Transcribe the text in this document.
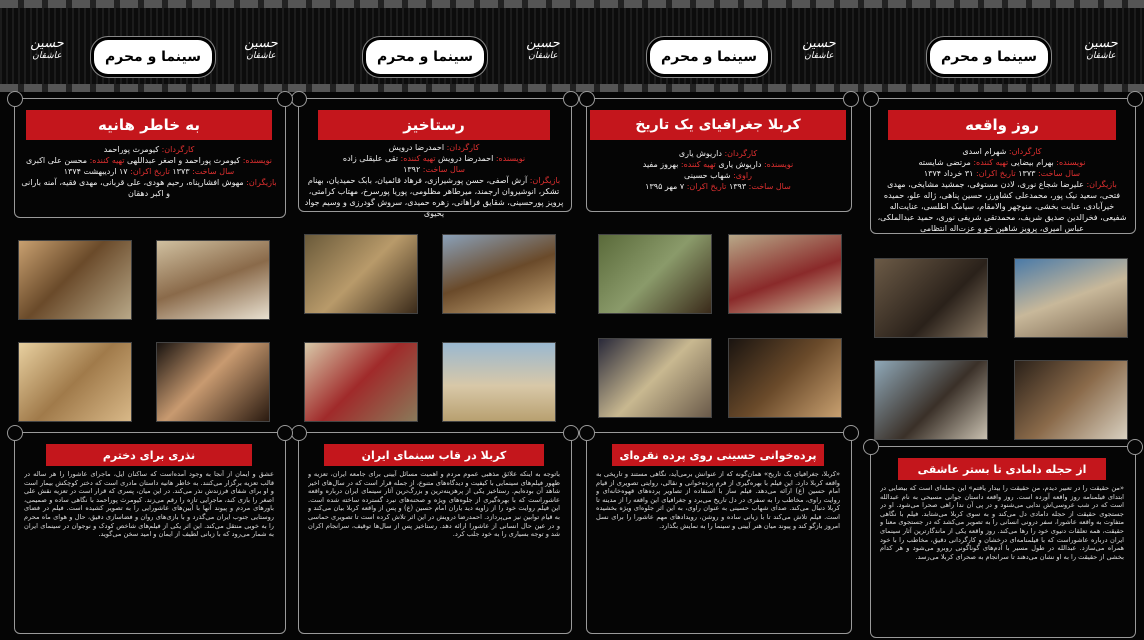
حسین
عاشقان	سینما و محرم
حسین
عاشقان	سینما و محرم
حسین
عاشقان	سینما و محرم
حسین
عاشقان	سینما و محرم
حسین
عاشقان
روز واقعه
کارگردان: شهرام اسدی
نویسنده: بهرام بیضایی تهیه کننده: مرتضی شایسته
سال ساخت: ۱۳۷۳ تاریخ اکران: ۳۱ خرداد ۱۳۷۴
بازیگران: علیرضا شجاع نوری، لادن مستوفی، جمشید مشایخی، مهدی فتحی، سعید نیک پور، محمدعلی کشاورز، حسین پناهی، ژاله علو، حمیده خیرآبادی، عنایت بخشی، منوچهر والامقام، سیامک اطلسی، عنایت‌اله شفیعی، فخرالدین صدیق شریف، محمدتقی شریفی نوری، حمید عبدالملکی، عباس امیری، پرویز شاهین خو و عزت‌اله انتظامی
از حجله دامادی تا بستر عاشقی
«من حقیقت را در تعبیر دیدم، من حقیقت را بیدار یافتم» این جمله‌ای است که بیضایی در ابتدای فیلمنامه روز واقعه آورده است. روز واقعه داستان جوانی مسیحی به نام عبدالله است که در شب عروسی‌اش ندایی می‌شنود و در پی آن ندا راهی صحرا می‌شود. او در جستجوی حقیقت از حجله دامادی دل می‌کند و به سوی کربلا می‌شتابد. فیلم با نگاهی متفاوت به واقعه عاشورا، سفر درونی انسانی را به تصویر می‌کشد که در جستجوی معنا و حقیقت، همه تعلقات دنیوی خود را رها می‌کند. روز واقعه یکی از ماندگارترین آثار سینمای ایران درباره عاشوراست که با فیلمنامه‌ای درخشان و کارگردانی دقیق، مخاطب را با خود همراه می‌سازد. عبدالله در طول مسیر با آدم‌های گوناگونی روبرو می‌شود و هر کدام بخشی از حقیقت را به او نشان می‌دهند تا سرانجام به صحرای کربلا می‌رسد.
کربلا جغرافیای یک تاریخ
کارگردان: داریوش یاری
نویسنده: داریوش یاری تهیه کننده: بهروز مفید
راوی: شهاب حسینی
سال ساخت: ۱۳۹۳ تاریخ اکران: ۷ مهر ۱۳۹۵
پرده‌خوانی حسینی روی پرده نقره‌ای
«کربلا، جغرافیای یک تاریخ» همان‌گونه که از عنوانش برمی‌آید، نگاهی مستند و تاریخی به واقعه کربلا دارد. این فیلم با بهره‌گیری از فرم پرده‌خوانی و نقالی، روایتی تصویری از قیام امام حسین (ع) ارائه می‌دهد. فیلم ساز با استفاده از تصاویر پرده‌های قهوه‌خانه‌ای و روایت راوی، مخاطب را به سفری در دل تاریخ می‌برد و جغرافیای این واقعه را از مدینه تا کربلا دنبال می‌کند. صدای شهاب حسینی به عنوان راوی، به این اثر جلوه‌ای ویژه بخشیده است. فیلم تلاش می‌کند تا با زبانی ساده و روشن، رویدادهای مهم عاشورا را برای نسل امروز بازگو کند و پیوند میان هنر آیینی و سینما را به نمایش بگذارد.
رستاخیز
کارگردان: احمدرضا درویش
نویسنده: احمدرضا درویش تهیه کننده: تقی علیقلی زاده
سال ساخت: ۱۳۹۲
بازیگران: آرش آصفی، حسن پورشیرازی، فرهاد قائمیان، بابک حمیدیان، بهنام تشکر، انوشیروان ارجمند، میرطاهر مظلومی، پوریا پورسرخ، مهتاب کرامتی، پرویز پورحسینی، شقایق فراهانی، زهره حمیدی، سروش گودرزی و وسیم جواد یحیوی
کربلا در قاب سینمای ایران
باتوجه به اینکه علائق مذهبی عموم مردم و اهمیت مسائل آیینی برای جامعه ایران، تعزیه و ظهور فیلم‌های سینمایی با کیفیت و دیدگاه‌های متنوع، از جمله قرار است که در سال‌های اخیر شاهد آن بوده‌ایم. رستاخیز یکی از پرهزینه‌ترین و بزرگ‌ترین آثار سینمای ایران درباره واقعه عاشوراست که با بهره‌گیری از جلوه‌های ویژه و صحنه‌های نبرد گسترده ساخته شده است. این فیلم روایت خود را از زاویه دید یاران امام حسین (ع) و پس از واقعه کربلا بیان می‌کند و به قیام توابین نیز می‌پردازد. احمدرضا درویش در این اثر تلاش کرده است تا تصویری حماسی و در عین حال انسانی از عاشورا ارائه دهد. رستاخیز پس از سال‌ها توقیف، سرانجام اکران شد و توجه بسیاری را به خود جلب کرد.
به خاطر هانیه
کارگردان: کیومرث پوراحمد
نویسنده: کیومرث پوراحمد و اصغر عبداللهی تهیه کننده: محسن علی اکبری
سال ساخت: ۱۳۷۳ تاریخ اکران: ۱۷ اردیبهشت ۱۳۷۴
بازیگران: مهوش افشارپناه، رحیم هودی، علی قربانی، مهدی فقیه، آمنه بارانی و اکبر دهقان
نذری برای دخترم
عشق و ایمان از آنجا به وجود آمده‌است که ساکنان ایل، ماجرای عاشورا را هر ساله در قالب تعزیه برگزار می‌کنند. به خاطر هانیه داستان مادری است که دختر کوچکش بیمار است و او برای شفای فرزندش نذر می‌کند. در این میان، پسری که قرار است در تعزیه نقش علی اصغر را بازی کند، ماجرایی تازه را رقم می‌زند. کیومرث پوراحمد با نگاهی ساده و صمیمی، باورهای مردم و پیوند آنها با آیین‌های عاشورایی را به تصویر کشیده است. فیلم در فضای روستایی جنوب ایران می‌گذرد و با بازی‌های روان و فضاسازی دقیق، حال و هوای ماه محرم را به خوبی منتقل می‌کند. این اثر یکی از فیلم‌های شاخص کودک و نوجوان در سینمای ایران به شمار می‌رود که با زبانی لطیف از ایمان و امید سخن می‌گوید.
